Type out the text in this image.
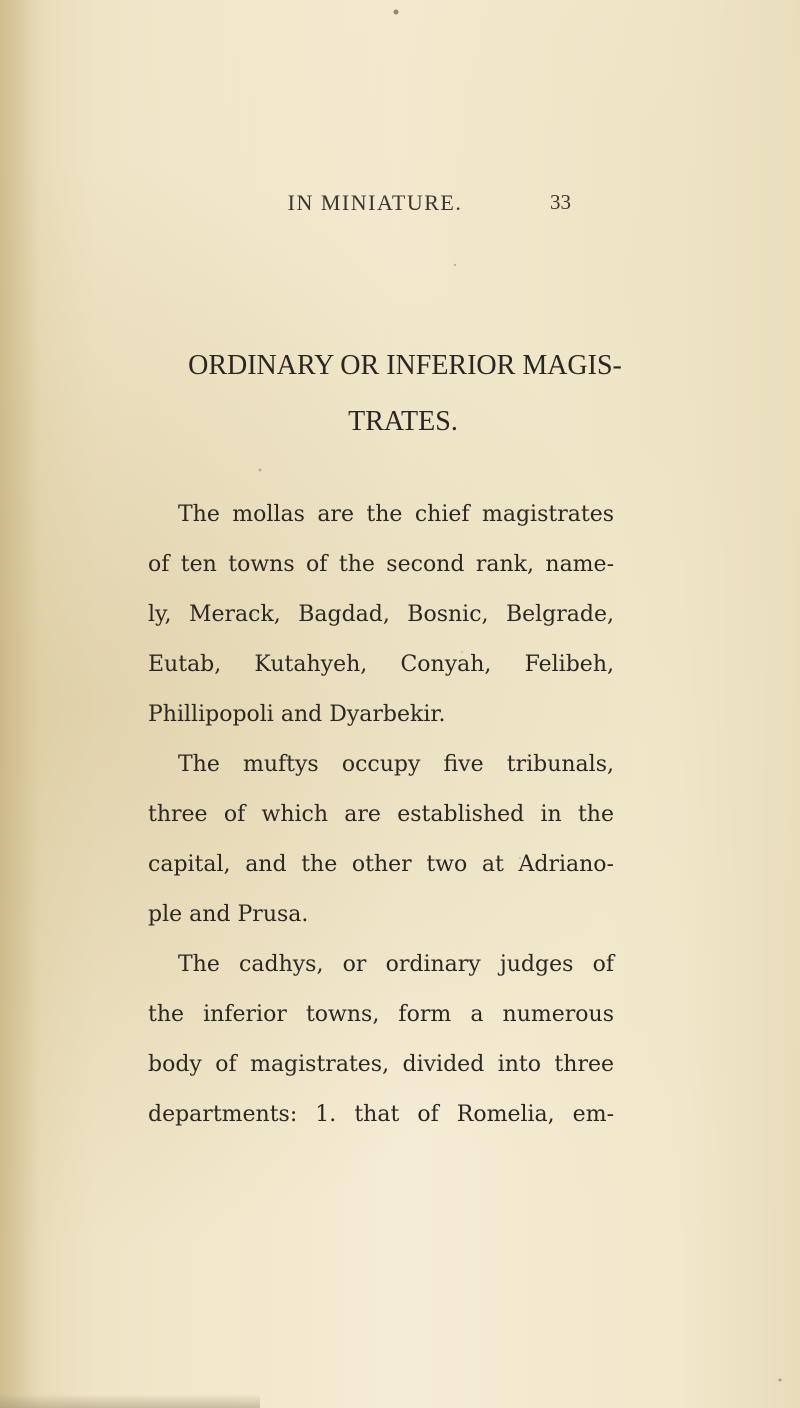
IN MINIATURE.	33
ORDINARY OR INFERIOR MAGIS-
TRATES.
The mollas are the chief magistrates
of ten towns of the second rank, name-
ly, Merack, Bagdad, Bosnic, Belgrade,
Eutab, Kutahyeh, Conyah, Felibeh,
Phillipopoli and Dyarbekir.
The muftys occupy five tribunals,
three of which are established in the
capital, and the other two at Adriano-
ple and Prusa.
The cadhys, or ordinary judges of
the inferior towns, form a numerous
body of magistrates, divided into three
departments: 1. that of Romelia, em-
